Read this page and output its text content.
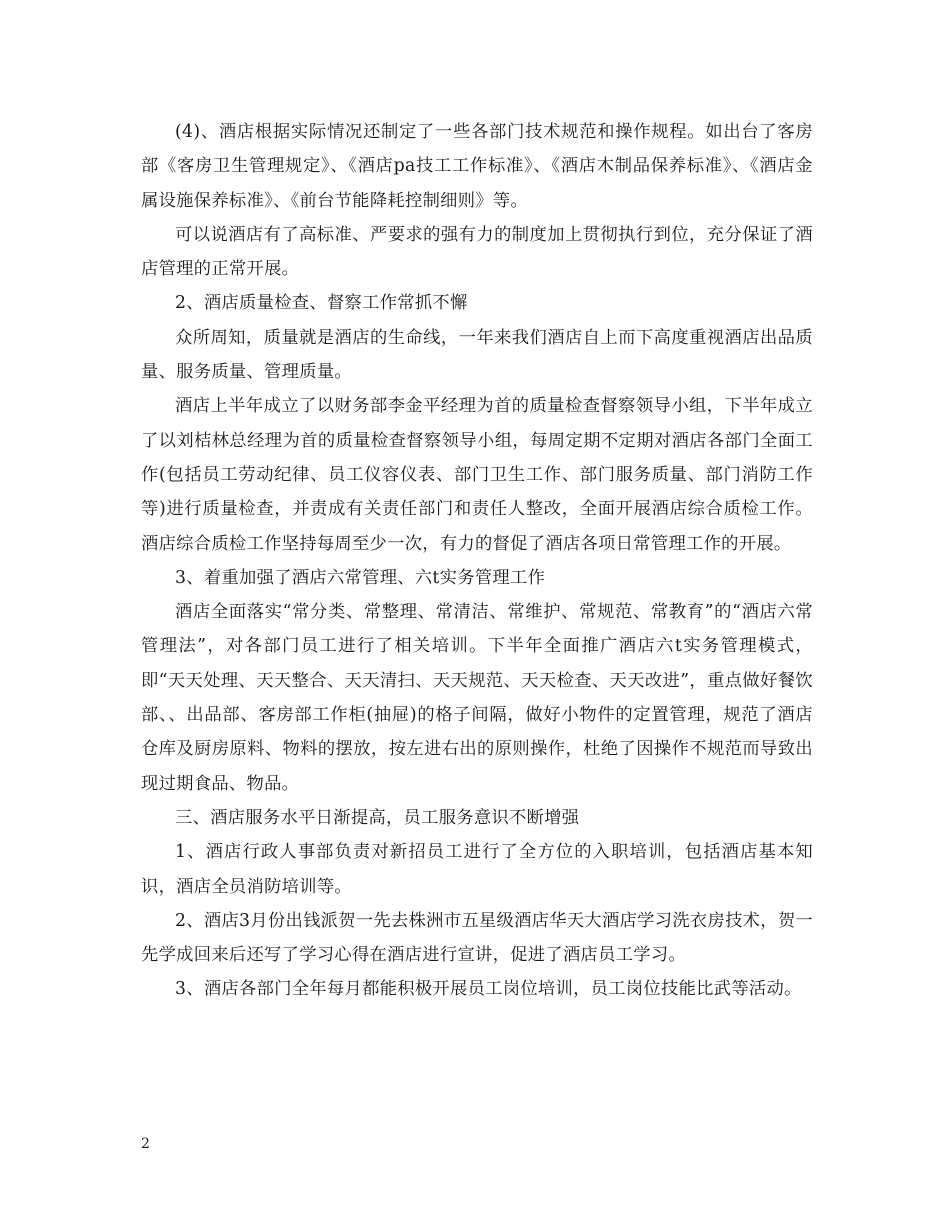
(4)、酒店根据实际情况还制定了一些各部门技术规范和操作规程。如出台了客房部《客房卫生管理规定》、《酒店pa技工工作标准》、《酒店木制品保养标准》、《酒店金属设施保养标准》、《前台节能降耗控制细则》等。

可以说酒店有了高标准、严要求的强有力的制度加上贯彻执行到位，充分保证了酒店管理的正常开展。

2、酒店质量检查、督察工作常抓不懈

众所周知，质量就是酒店的生命线，一年来我们酒店自上而下高度重视酒店出品质量、服务质量、管理质量。

酒店上半年成立了以财务部李金平经理为首的质量检查督察领导小组，下半年成立了以刘桔林总经理为首的质量检查督察领导小组，每周定期不定期对酒店各部门全面工作(包括员工劳动纪律、员工仪容仪表、部门卫生工作、部门服务质量、部门消防工作等)进行质量检查，并责成有关责任部门和责任人整改，全面开展酒店综合质检工作。酒店综合质检工作坚持每周至少一次，有力的督促了酒店各项日常管理工作的开展。

3、着重加强了酒店六常管理、六t实务管理工作

酒店全面落实“常分类、常整理、常清洁、常维护、常规范、常教育”的“酒店六常管理法”，对各部门员工进行了相关培训。下半年全面推广酒店六t实务管理模式，即“天天处理、天天整合、天天清扫、天天规范、天天检查、天天改进”，重点做好餐饮部、、出品部、客房部工作柜(抽屉)的格子间隔，做好小物件的定置管理，规范了酒店仓库及厨房原料、物料的摆放，按左进右出的原则操作，杜绝了因操作不规范而导致出现过期食品、物品。

三、酒店服务水平日渐提高，员工服务意识不断增强

1、酒店行政人事部负责对新招员工进行了全方位的入职培训，包括酒店基本知识，酒店全员消防培训等。

2、酒店3月份出钱派贺一先去株洲市五星级酒店华天大酒店学习洗衣房技术，贺一先学成回来后还写了学习心得在酒店进行宣讲，促进了酒店员工学习。

3、酒店各部门全年每月都能积极开展员工岗位培训，员工岗位技能比武等活动。

2
